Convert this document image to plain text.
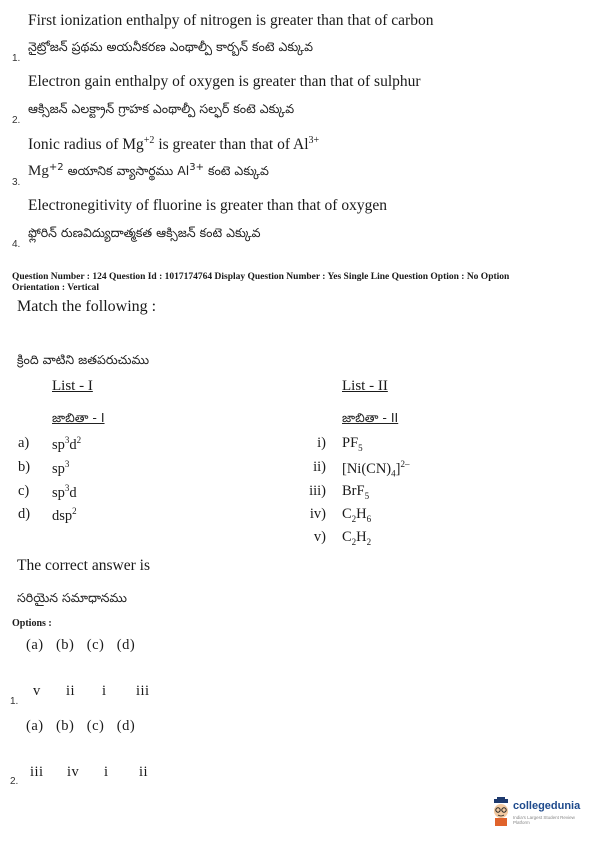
First ionization enthalpy of nitrogen is greater than that of carbon
నైట్రోజన్ ప్రథమ అయనీకరణ ఎంథాల్పీ కార్బన్ కంటె ఎక్కువ
1.
Electron gain enthalpy of oxygen is greater than that of sulphur
ఆక్సిజన్ ఎలక్ట్రాన్ గ్రాహక ఎంథాల్పీ సల్ఫర్ కంటె ఎక్కువ
2.
Ionic radius of $Mg^{+2}$ is greater than that of $Al^{3+}$
$Mg^{+2}$ అయానిక వ్యాసార్థము $Al^{3+}$ కంటె ఎక్కువ
3.
Electronegitivity of fluorine is greater than that of oxygen
ఫ్లోరిన్ రుణవిద్యుదాత్మకత ఆక్సిజన్ కంటె ఎక్కువ
4.
Question Number : 124 Question Id : 1017174764 Display Question Number : Yes Single Line Question Option : No Option
Orientation : Vertical
Match the following :
క్రింది వాటిని జతపరుచుము
List - I	List - II
జాబితా - I	జాబితా - II
a) $sp^3d^2$
b) $sp^3$
c) $sp^3d$
d) dsp$^2$
i) $PF_5$
ii) $[Ni(CN)_4]^{2-}$
iii) BrF$_5$
iv) $C_2H_6$
v) $C_2H_2$
The correct answer is
సరియైన సమాధానము
Options :
(a) (b) (c) (d)
v ii i iii
1.
(a) (b) (c) (d)
iii iv i ii
2.
collegedunia
India's Largest Student Review Platform
